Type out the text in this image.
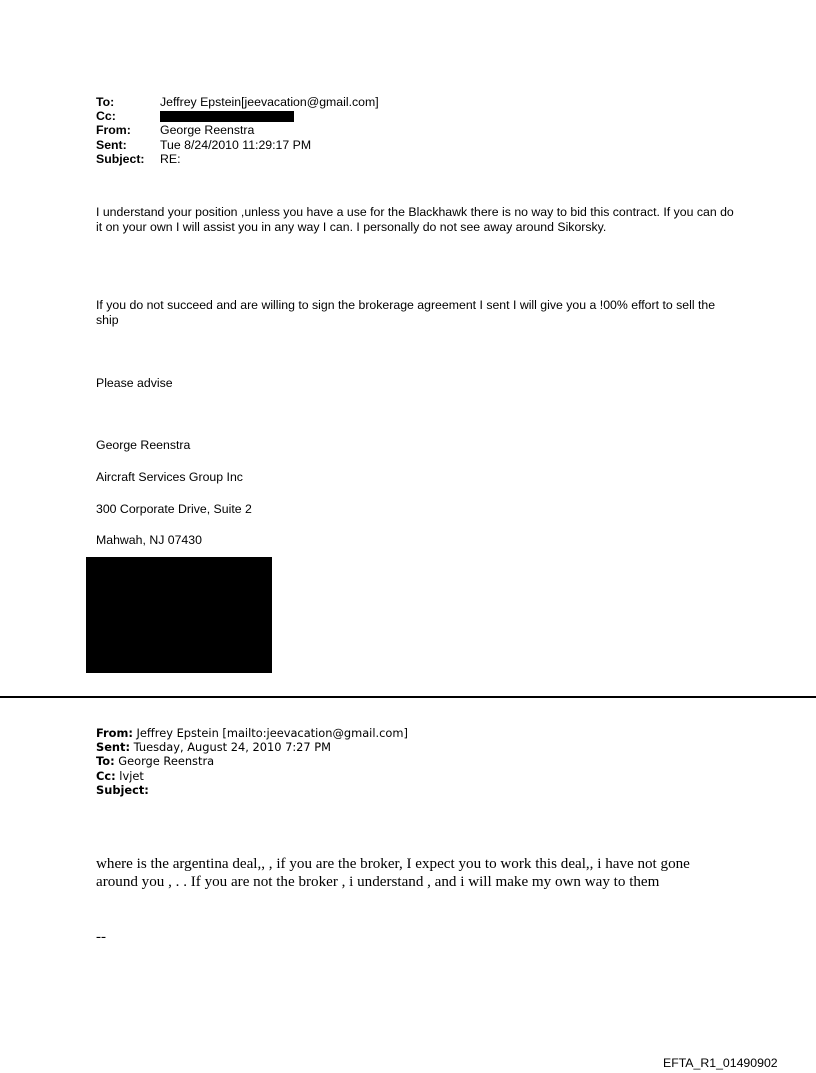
To:	Jeffrey Epstein[jeevacation@gmail.com]
Cc:
From:	George Reenstra
Sent:	Tue 8/24/2010 11:29:17 PM
Subject:	RE:

I understand your position ,unless you have a use for the Blackhawk there is no way to bid this contract. If you can do it on your own I will assist you in any way I can. I personally do not see away around Sikorsky.

If you do not succeed and are willing to sign the brokerage agreement I sent I will give you a !00% effort to sell the ship

Please advise

George Reenstra

Aircraft Services Group Inc

300 Corporate Drive, Suite 2

Mahwah, NJ 07430

From: Jeffrey Epstein [mailto:jeevacation@gmail.com]
Sent: Tuesday, August 24, 2010 7:27 PM
To: George Reenstra
Cc: lvjet
Subject:

where is the argentina deal,, , if you are the broker, I expect you to work this deal,, i have not gone around you , . . If you are not the broker , i understand , and i will make my own way to them

--

EFTA_R1_01490902
